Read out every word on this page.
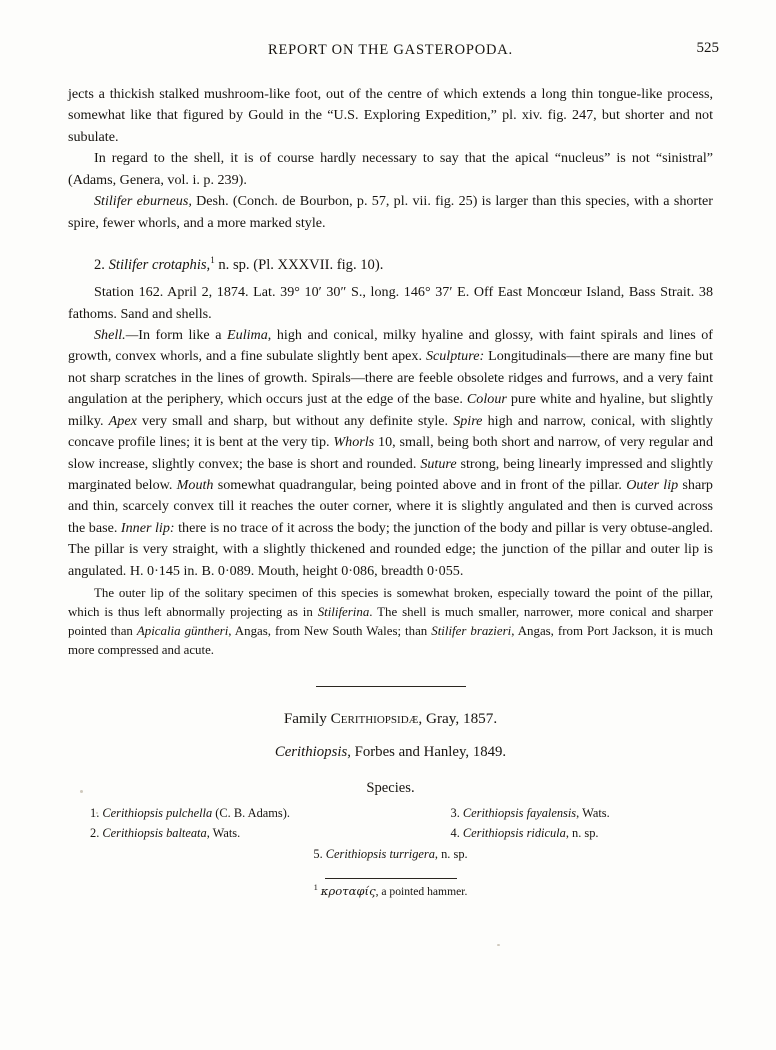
REPORT ON THE GASTEROPODA.	525

jects a thickish stalked mushroom-like foot, out of the centre of which extends a long thin tongue-like process, somewhat like that figured by Gould in the “U.S. Exploring Expedition,” pl. xiv. fig. 247, but shorter and not subulate.

In regard to the shell, it is of course hardly necessary to say that the apical “nucleus” is not “sinistral” (Adams, Genera, vol. i. p. 239).

Stilifer eburneus, Desh. (Conch. de Bourbon, p. 57, pl. vii. fig. 25) is larger than this species, with a shorter spire, fewer whorls, and a more marked style.

2. Stilifer crotaphis,$^1$ n. sp. (Pl. XXXVII. fig. 10).

Station 162. April 2, 1874. Lat. 39° 10′ 30″ S., long. 146° 37′ E. Off East Moncœur Island, Bass Strait. 38 fathoms. Sand and shells.

Shell.—In form like a Eulima, high and conical, milky hyaline and glossy, with faint spirals and lines of growth, convex whorls, and a fine subulate slightly bent apex. Sculpture: Longitudinals—there are many fine but not sharp scratches in the lines of growth. Spirals—there are feeble obsolete ridges and furrows, and a very faint angulation at the periphery, which occurs just at the edge of the base. Colour pure white and hyaline, but slightly milky. Apex very small and sharp, but without any definite style. Spire high and narrow, conical, with slightly concave profile lines; it is bent at the very tip. Whorls 10, small, being both short and narrow, of very regular and slow increase, slightly convex; the base is short and rounded. Suture strong, being linearly impressed and slightly marginated below. Mouth somewhat quadrangular, being pointed above and in front of the pillar. Outer lip sharp and thin, scarcely convex till it reaches the outer corner, where it is slightly angulated and then is curved across the base. Inner lip: there is no trace of it across the body; the junction of the body and pillar is very obtuse-angled. The pillar is very straight, with a slightly thickened and rounded edge; the junction of the pillar and outer lip is angulated. H. 0·145 in. B. 0·089. Mouth, height 0·086, breadth 0·055.

The outer lip of the solitary specimen of this species is somewhat broken, especially toward the point of the pillar, which is thus left abnormally projecting as in Stiliferina. The shell is much smaller, narrower, more conical and sharper pointed than Apicalia güntheri, Angas, from New South Wales; than Stilifer brazieri, Angas, from Port Jackson, it is much more compressed and acute.

Family Cerithiopsidæ, Gray, 1857.

Cerithiopsis, Forbes and Hanley, 1849.

Species.

1. Cerithiopsis pulchella (C. B. Adams).
2. Cerithiopsis balteata, Wats.
3. Cerithiopsis fayalensis, Wats.
4. Cerithiopsis ridicula, n. sp.
5. Cerithiopsis turrigera, n. sp.

$^1$ κροταφίς, a pointed hammer.
